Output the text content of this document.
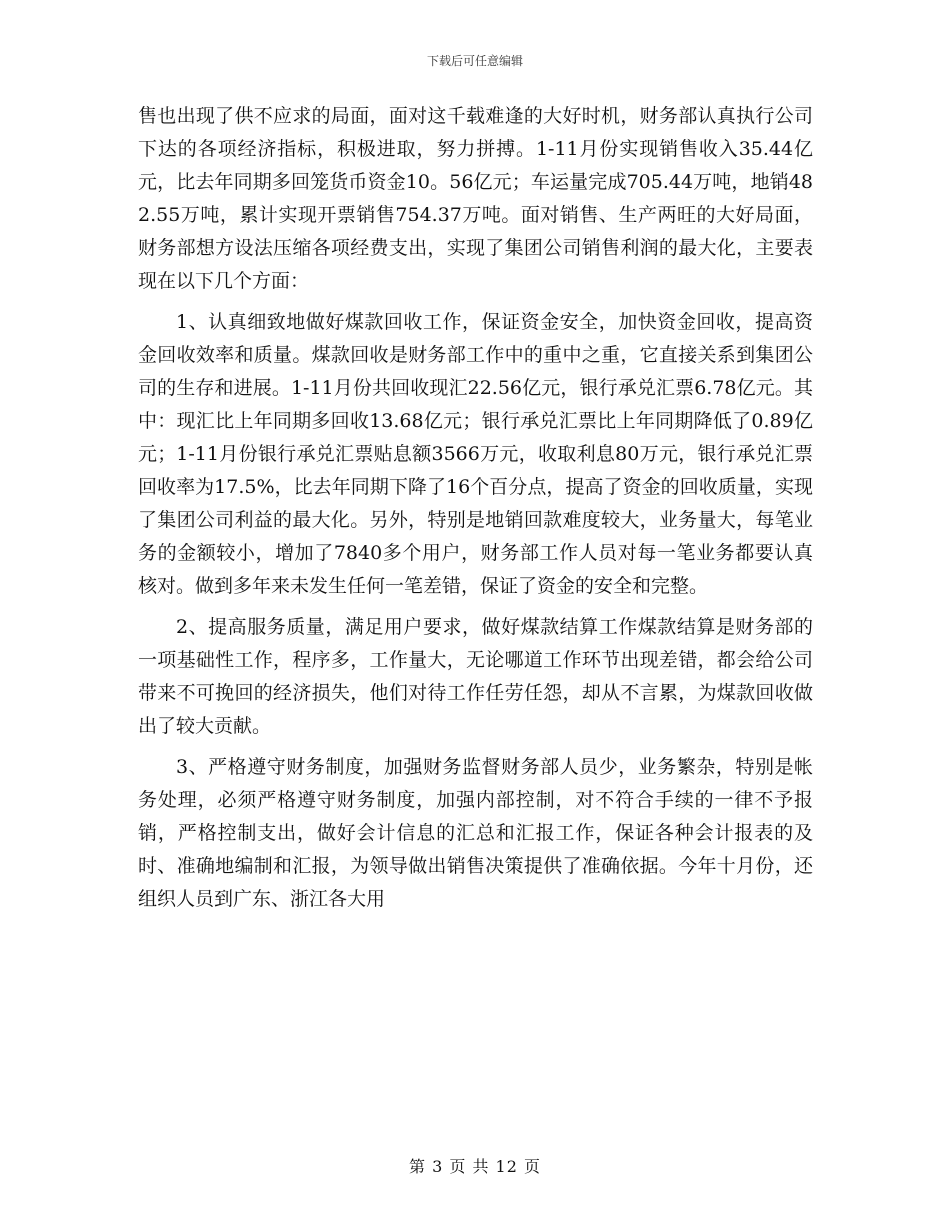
下载后可任意编辑

售也出现了供不应求的局面，面对这千载难逢的大好时机，财务部认真执行公司下达的各项经济指标，积极进取，努力拼搏。1-11月份实现销售收入35.44亿元，比去年同期多回笼货币资金10。56亿元；车运量完成705.44万吨，地销482.55万吨，累计实现开票销售754.37万吨。面对销售、生产两旺的大好局面，财务部想方设法压缩各项经费支出，实现了集团公司销售利润的最大化，主要表现在以下几个方面：

1、认真细致地做好煤款回收工作，保证资金安全，加快资金回收，提高资金回收效率和质量。煤款回收是财务部工作中的重中之重，它直接关系到集团公司的生存和进展。1-11月份共回收现汇22.56亿元，银行承兑汇票6.78亿元。其中：现汇比上年同期多回收13.68亿元；银行承兑汇票比上年同期降低了0.89亿元；1-11月份银行承兑汇票贴息额3566万元，收取利息80万元，银行承兑汇票回收率为17.5%，比去年同期下降了16个百分点，提高了资金的回收质量，实现了集团公司利益的最大化。另外，特别是地销回款难度较大，业务量大，每笔业务的金额较小，增加了7840多个用户，财务部工作人员对每一笔业务都要认真核对。做到多年来未发生任何一笔差错，保证了资金的安全和完整。

2、提高服务质量，满足用户要求，做好煤款结算工作煤款结算是财务部的一项基础性工作，程序多，工作量大，无论哪道工作环节出现差错，都会给公司带来不可挽回的经济损失，他们对待工作任劳任怨，却从不言累，为煤款回收做出了较大贡献。

3、严格遵守财务制度，加强财务监督财务部人员少，业务繁杂，特别是帐务处理，必须严格遵守财务制度，加强内部控制，对不符合手续的一律不予报销，严格控制支出，做好会计信息的汇总和汇报工作，保证各种会计报表的及时、准确地编制和汇报，为领导做出销售决策提供了准确依据。今年十月份，还组织人员到广东、浙江各大用

第 3 页 共 12 页
